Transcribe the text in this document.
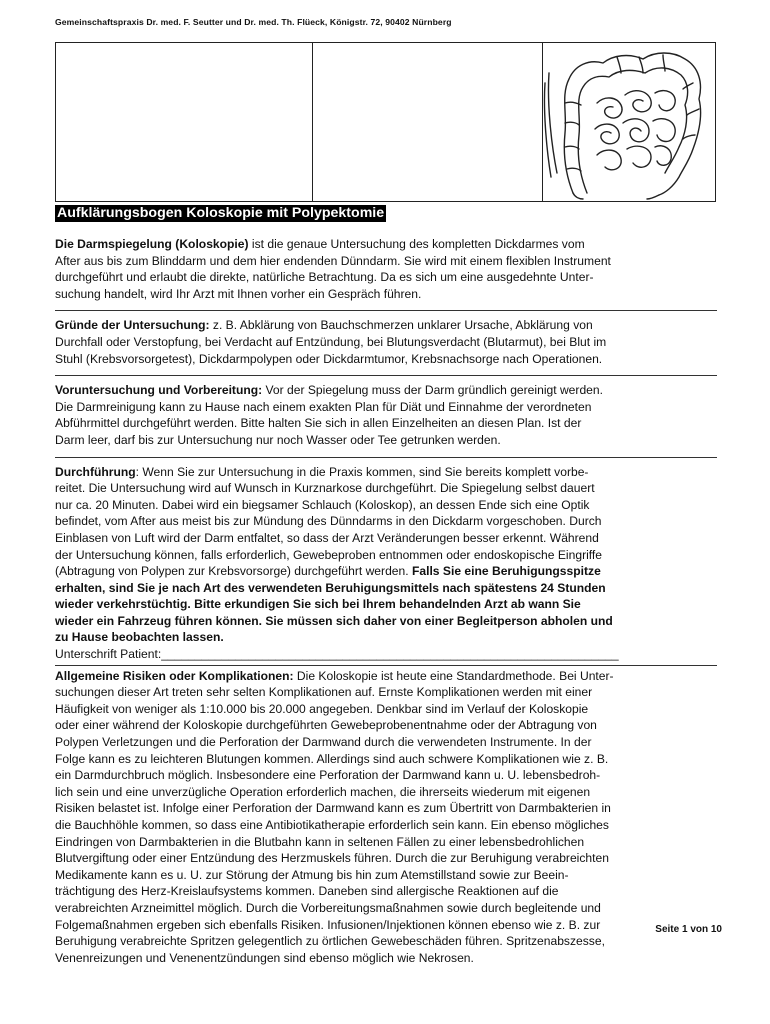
Gemeinschaftspraxis Dr. med. F. Seutter und Dr. med. Th. Flüeck, Königstr. 72, 90402 Nürnberg
Aufklärungsbogen Koloskopie mit Polypektomie
Die Darmspiegelung (Koloskopie) ist die genaue Untersuchung des kompletten Dickdarmes vom
After aus bis zum Blinddarm und dem hier endenden Dünndarm. Sie wird mit einem flexiblen Instrument
durchgeführt und erlaubt die direkte, natürliche Betrachtung. Da es sich um eine ausgedehnte Unter-
suchung handelt, wird Ihr Arzt mit Ihnen vorher ein Gespräch führen.
Gründe der Untersuchung: z. B. Abklärung von Bauchschmerzen unklarer Ursache, Abklärung von
Durchfall oder Verstopfung, bei Verdacht auf Entzündung, bei Blutungsverdacht (Blutarmut), bei Blut im
Stuhl (Krebsvorsorgetest), Dickdarmpolypen oder Dickdarmtumor, Krebsnachsorge nach Operationen.
Voruntersuchung und Vorbereitung: Vor der Spiegelung muss der Darm gründlich gereinigt werden.
Die Darmreinigung kann zu Hause nach einem exakten Plan für Diät und Einnahme der verordneten
Abführmittel durchgeführt werden. Bitte halten Sie sich in allen Einzelheiten an diesen Plan. Ist der
Darm leer, darf bis zur Untersuchung nur noch Wasser oder Tee getrunken werden.
Durchführung: Wenn Sie zur Untersuchung in die Praxis kommen, sind Sie bereits komplett vorbe-
reitet. Die Untersuchung wird auf Wunsch in Kurznarkose durchgeführt. Die Spiegelung selbst dauert
nur ca. 20 Minuten. Dabei wird ein biegsamer Schlauch (Koloskop), an dessen Ende sich eine Optik
befindet, vom After aus meist bis zur Mündung des Dünndarms in den Dickdarm vorgeschoben. Durch
Einblasen von Luft wird der Darm entfaltet, so dass der Arzt Veränderungen besser erkennt. Während
der Untersuchung können, falls erforderlich, Gewebeproben entnommen oder endoskopische Eingriffe
(Abtragung von Polypen zur Krebsvorsorge) durchgeführt werden. Falls Sie eine Beruhigungsspitze
erhalten, sind Sie je nach Art des verwendeten Beruhigungsmittels nach spätestens 24 Stunden
wieder verkehrstüchtig. Bitte erkundigen Sie sich bei Ihrem behandelnden Arzt ab wann Sie
wieder ein Fahrzeug führen können. Sie müssen sich daher von einer Begleitperson abholen und
zu Hause beobachten lassen.
Unterschrift Patient:____________________________________________________________________
Allgemeine Risiken oder Komplikationen: Die Koloskopie ist heute eine Standardmethode. Bei Unter-
suchungen dieser Art treten sehr selten Komplikationen auf. Ernste Komplikationen werden mit einer
Häufigkeit von weniger als 1:10.000 bis 20.000 angegeben. Denkbar sind im Verlauf der Koloskopie
oder einer während der Koloskopie durchgeführten Gewebeprobenentnahme oder der Abtragung von
Polypen Verletzungen und die Perforation der Darmwand durch die verwendeten Instrumente. In der
Folge kann es zu leichteren Blutungen kommen. Allerdings sind auch schwere Komplikationen wie z. B.
ein Darmdurchbruch möglich. Insbesondere eine Perforation der Darmwand kann u. U. lebensbedroh-
lich sein und eine unverzügliche Operation erforderlich machen, die ihrerseits wiederum mit eigenen
Risiken belastet ist. Infolge einer Perforation der Darmwand kann es zum Übertritt von Darmbakterien in
die Bauchhöhle kommen, so dass eine Antibiotikatherapie erforderlich sein kann. Ein ebenso mögliches
Eindringen von Darmbakterien in die Blutbahn kann in seltenen Fällen zu einer lebensbedrohlichen
Blutvergiftung oder einer Entzündung des Herzmuskels führen. Durch die zur Beruhigung verabreichten
Medikamente kann es u. U. zur Störung der Atmung bis hin zum Atemstillstand sowie zur Beein-
trächtigung des Herz-Kreislaufsystems kommen. Daneben sind allergische Reaktionen auf die
verabreichten Arzneimittel möglich. Durch die Vorbereitungsmaßnahmen sowie durch begleitende und
Folgemaßnahmen ergeben sich ebenfalls Risiken. Infusionen/Injektionen können ebenso wie z. B. zur
Beruhigung verabreichte Spritzen gelegentlich zu örtlichen Gewebeschäden führen. Spritzenabszesse,
Venenreizungen und Venenentzündungen sind ebenso möglich wie Nekrosen.
Seite 1 von 10
